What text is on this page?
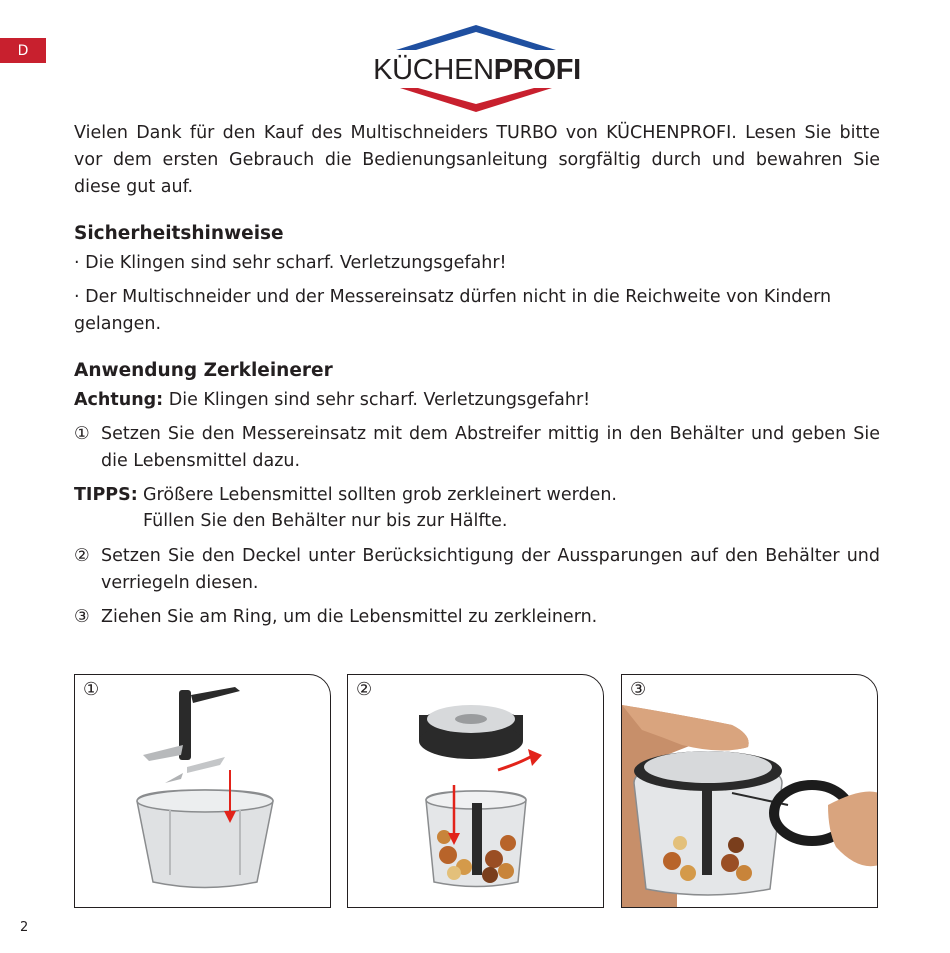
D
KÜCHENPROFI

Vielen Dank für den Kauf des Multischneiders TURBO von KÜCHENPROFI. Lesen Sie bitte vor dem ersten Gebrauch die Bedienungsanleitung sorgfältig durch und bewahren Sie diese gut auf.

Sicherheitshinweise

· Die Klingen sind sehr scharf. Verletzungsgefahr!

· Der Multischneider und der Messereinsatz dürfen nicht in die Reichweite von Kindern gelangen.

Anwendung Zerkleinerer

Achtung: Die Klingen sind sehr scharf. Verletzungsgefahr!

① Setzen Sie den Messereinsatz mit dem Abstreifer mittig in den Behälter und geben Sie die Lebensmittel dazu.
TIPPS: Größere Lebensmittel sollten grob zerkleinert werden.
Füllen Sie den Behälter nur bis zur Hälfte.
② Setzen Sie den Deckel unter Berücksichtigung der Aussparungen auf den Behälter und verriegeln diesen.
③ Ziehen Sie am Ring, um die Lebensmittel zu zerkleinern.
①	②	③
2
